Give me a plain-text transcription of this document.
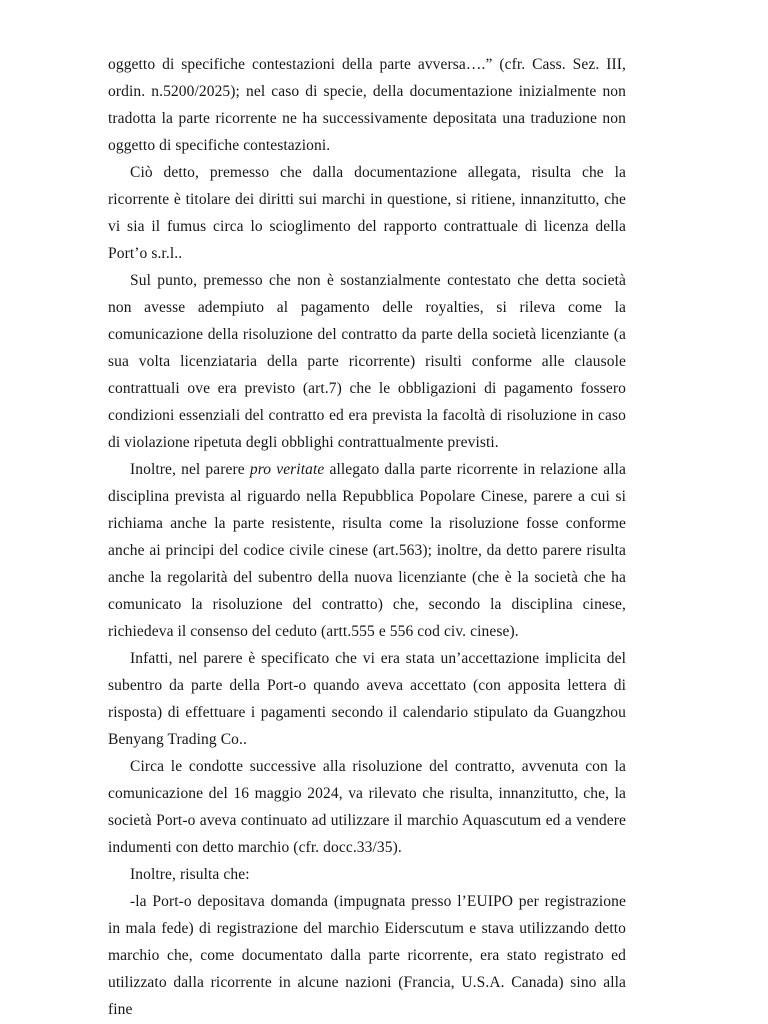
oggetto di specifiche contestazioni della parte avversa….” (cfr. Cass. Sez. III, ordin. n.5200/2025); nel caso di specie, della documentazione inizialmente non tradotta la parte ricorrente ne ha successivamente depositata una traduzione non oggetto di specifiche contestazioni.

Ciò detto, premesso che dalla documentazione allegata, risulta che la ricorrente è titolare dei diritti sui marchi in questione, si ritiene, innanzitutto, che vi sia il fumus circa lo scioglimento del rapporto contrattuale di licenza della Port’o s.r.l..

Sul punto, premesso che non è sostanzialmente contestato che detta società non avesse adempiuto al pagamento delle royalties, si rileva come la comunicazione della risoluzione del contratto da parte della società licenziante (a sua volta licenziataria della parte ricorrente) risulti conforme alle clausole contrattuali ove era previsto (art.7) che le obbligazioni di pagamento fossero condizioni essenziali del contratto ed era prevista la facoltà di risoluzione in caso di violazione ripetuta degli obblighi contrattualmente previsti.

Inoltre, nel parere pro veritate allegato dalla parte ricorrente in relazione alla disciplina prevista al riguardo nella Repubblica Popolare Cinese, parere a cui si richiama anche la parte resistente, risulta come la risoluzione fosse conforme anche ai principi del codice civile cinese (art.563); inoltre, da detto parere risulta anche la regolarità del subentro della nuova licenziante (che è la società che ha comunicato la risoluzione del contratto) che, secondo la disciplina cinese, richiedeva il consenso del ceduto (artt.555 e 556 cod civ. cinese).

Infatti, nel parere è specificato che vi era stata un’accettazione implicita del subentro da parte della Port-o quando aveva accettato (con apposita lettera di risposta) di effettuare i pagamenti secondo il calendario stipulato da Guangzhou Benyang Trading Co..

Circa le condotte successive alla risoluzione del contratto, avvenuta con la comunicazione del 16 maggio 2024, va rilevato che risulta, innanzitutto, che, la società Port-o aveva continuato ad utilizzare il marchio Aquascutum ed a vendere indumenti con detto marchio (cfr. docc.33/35).

Inoltre, risulta che:

-la Port-o depositava domanda (impugnata presso l’EUIPO per registrazione in mala fede) di registrazione del marchio Eiderscutum e stava utilizzando detto marchio che, come documentato dalla parte ricorrente, era stato registrato ed utilizzato dalla ricorrente in alcune nazioni (Francia, U.S.A. Canada) sino alla fine
